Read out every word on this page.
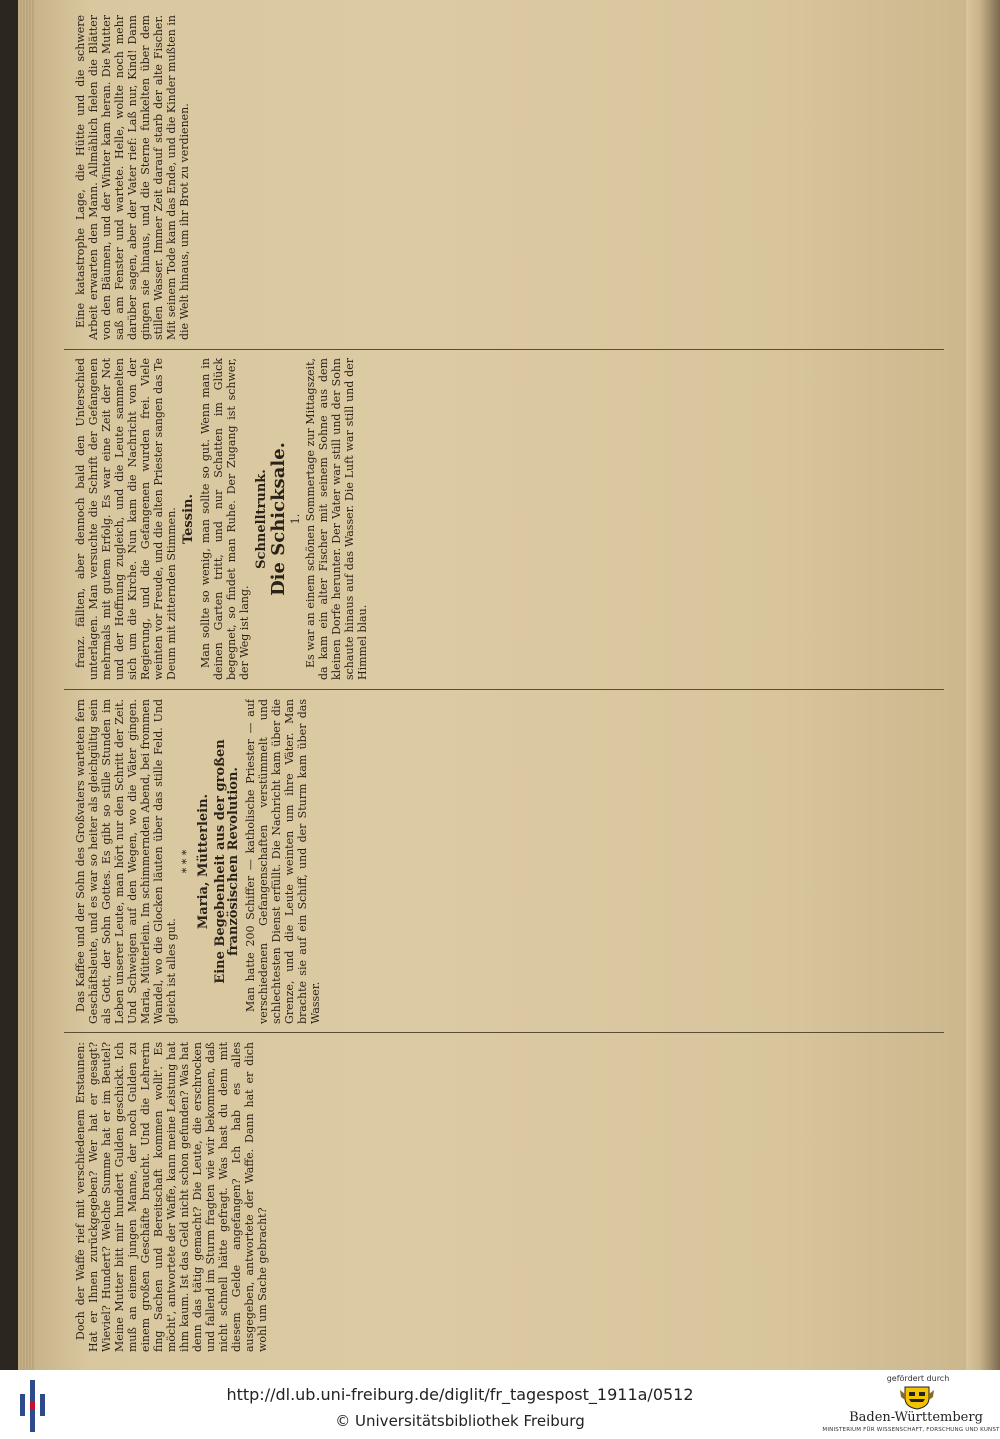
Doch der Waffe rief mit verschiedenem Erstaunen: Hat er Ihnen zurückgegeben? Wer hat er gesagt? Wieviel? Hundert? Welche Summe hat er im Beutel? Meine Mutter bitt mir hundert Gulden geschickt. Ich muß an einem jungen Manne, der noch Gulden zu einem großen Geschäfte braucht. Und die Lehrerin fing Sachen und Bereitschaft kommen wollt'. Es möcht', antwortete der Waffe, kann meine Leistung hat ihm kaum. Ist das Geld nicht schon gefunden? Was hat denn das tätig gemacht? Die Leute, die erschrocken und fallend im Sturm fragten wie wir bekommen, daß nicht schnell hätte gefragt. Was hast du denn mit diesem Gelde angefangen? Ich hab es alles ausgegeben, antwortete der Waffe. Dann hat er dich wohl um Sache gebracht?

Das Kaffee und der Sohn des Großvaters warteten fern Geschäftsleute, und es war so heiter als gleichgültig sein als Gott, der Sohn Gottes. Es gibt so stille Stunden im Leben unserer Leute, man hört nur den Schritt der Zeit. Und Schweigen auf den Wegen, wo die Väter gingen. Maria, Mütterlein. Im schimmernden Abend, bei frommen Wandel, wo die Glocken läuten über das stille Feld. Und gleich ist alles gut.

* * * Maria, Mütterlein. Eine Begebenheit aus der großen französischen Revolution. Man hatte 200 Schiffer — katholische Priester — auf verschiedenen Gefangenschaften verstümmelt und schlechtesten Dienst erfüllt. Die Nachricht kam über die Grenze, und die Leute weinten um ihre Väter. Man brachte sie auf ein Schiff, und der Sturm kam über das Wasser.

franz. fällten, aber dennoch bald den Unterschied unterlagen. Man versuchte die Schrift der Gefangenen mehrmals mit gutem Erfolg. Es war eine Zeit der Not und der Hoffnung zugleich, und die Leute sammelten sich um die Kirche. Nun kam die Nachricht von der Regierung, und die Gefangenen wurden frei. Viele weinten vor Freude, und die alten Priester sangen das Te Deum mit zitternden Stimmen. Tessin. Man sollte so wenig, man sollte so gut. Wenn man in deinen Garten tritt, und nur Schatten im Glück begegnet, so findet man Ruhe. Der Zugang ist schwer, der Weg ist lang.

Schnelltrunk. Die Schicksale. 1. Es war an einem schönen Sommertage zur Mittagszeit, da kam ein alter Fischer mit seinem Sohne aus dem kleinen Dorfe herunter. Der Vater war still und der Sohn schaute hinaus auf das Wasser. Die Luft war still und der Himmel blau.

Eine katastrophe Lage, die Hütte und die schwere Arbeit erwarten den Mann. Allmählich fielen die Blätter von den Bäumen, und der Winter kam heran. Die Mutter saß am Fenster und wartete. Helle, wollte noch mehr darüber sagen, aber der Vater rief: Laß nur, Kind! Dann gingen sie hinaus, und die Sterne funkelten über dem stillen Wasser. Immer Zeit darauf starb der alte Fischer. Mit seinem Tode kam das Ende, und die Kinder mußten in die Welt hinaus, um ihr Brot zu verdienen.

http://dl.ub.uni-freiburg.de/diglit/fr_tagespost_1911a/0512
© Universitätsbibliothek Freiburg
gefördert durch
Baden-Württemberg
MINISTERIUM FÜR WISSENSCHAFT, FORSCHUNG UND KUNST
